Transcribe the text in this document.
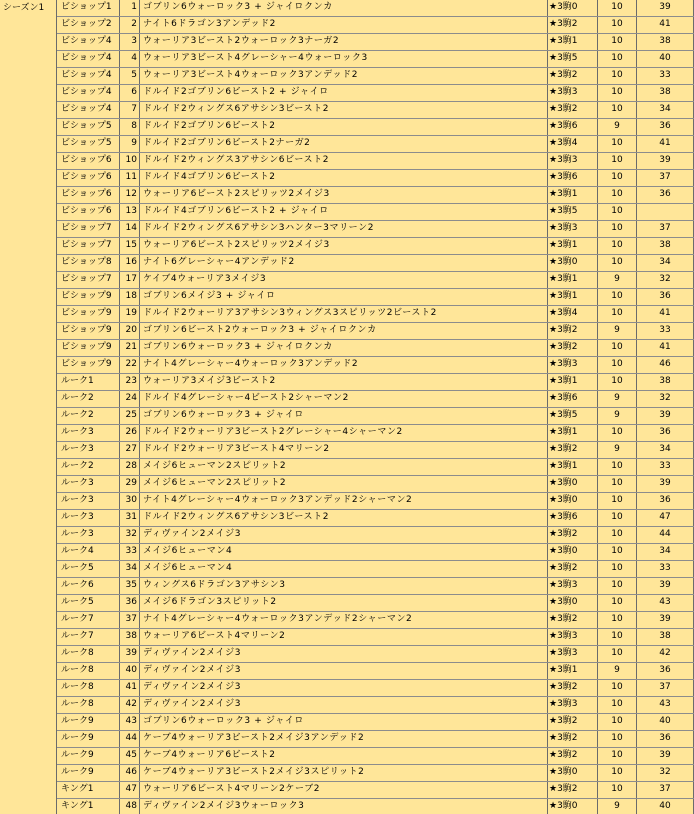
シーズン1	ビショップ1	1 ゴブリン6ウォーロック3 + ジャイロクンカ	★3駒0	10	39
ビショップ2	2 ナイト6ドラゴン3アンデッド2	★3駒2	10	41
ビショップ4	3 ウォーリア3ビースト2ウォーロック3ナーガ2	★3駒1	10	38
ビショップ4	4 ウォーリア3ビースト4グレーシャー4ウォーロック3	★3駒5	10	40
ビショップ4	5 ウォーリア3ビースト4ウォーロック3アンデッド2	★3駒2	10	33
ビショップ4	6 ドルイド2ゴブリン6ビースト2 + ジャイロ	★3駒3	10	38
ビショップ4	7 ドルイド2ウィングス6アサシン3ビースト2	★3駒2	10	34
ビショップ5	8 ドルイド2ゴブリン6ビースト2	★3駒6	9	36
ビショップ5	9 ドルイド2ゴブリン6ビースト2ナーガ2	★3駒4	10	41
ビショップ6	10 ドルイド2ウィングス3アサシン6ビースト2	★3駒3	10	39
ビショップ6	11 ドルイド4ゴブリン6ビースト2	★3駒6	10	37
ビショップ6	12 ウォーリア6ビースト2スピリッツ2メイジ3	★3駒1	10	36
ビショップ6	13 ドルイド4ゴブリン6ビースト2 + ジャイロ	★3駒5	10
ビショップ7	14 ドルイド2ウィングス6アサシン3ハンター3マリーン2	★3駒3	10	37
ビショップ7	15 ウォーリア6ビースト2スピリッツ2メイジ3	★3駒1	10	38
ビショップ8	16 ナイト6グレーシャー4アンデッド2	★3駒0	10	34
ビショップ7	17 ケイブ4ウォーリア3メイジ3	★3駒1	9	32
ビショップ9	18 ゴブリン6メイジ3 + ジャイロ	★3駒1	10	36
ビショップ9	19 ドルイド2ウォーリア3アサシン3ウィングス3スピリッツ2ビースト2	★3駒4	10	41
ビショップ9	20 ゴブリン6ビースト2ウォーロック3 + ジャイロクンカ	★3駒2	9	33
ビショップ9	21 ゴブリン6ウォーロック3 + ジャイロクンカ	★3駒2	10	41
ビショップ9	22 ナイト4グレーシャー4ウォーロック3アンデッド2	★3駒3	10	46
ルーク1	23 ウォーリア3メイジ3ビースト2	★3駒1	10	38
ルーク2	24 ドルイド4グレーシャー4ビースト2シャーマン2	★3駒6	9	32
ルーク2	25 ゴブリン6ウォーロック3 + ジャイロ	★3駒5	9	39
ルーク3	26 ドルイド2ウォーリア3ビースト2グレーシャー4シャーマン2	★3駒1	10	36
ルーク3	27 ドルイド2ウォーリア3ビースト4マリーン2	★3駒2	9	34
ルーク2	28 メイジ6ヒューマン2スピリット2	★3駒1	10	33
ルーク3	29 メイジ6ヒューマン2スピリット2	★3駒0	10	39
ルーク3	30 ナイト4グレーシャー4ウォーロック3アンデッド2シャーマン2	★3駒0	10	36
ルーク3	31 ドルイド2ウィングス6アサシン3ビースト2	★3駒6	10	47
ルーク3	32 ディヴァイン2メイジ3	★3駒2	10	44
ルーク4	33 メイジ6ヒューマン4	★3駒0	10	34
ルーク5	34 メイジ6ヒューマン4	★3駒2	10	33
ルーク6	35 ウィングス6ドラゴン3アサシン3	★3駒3	10	39
ルーク5	36 メイジ6ドラゴン3スピリット2	★3駒0	10	43
ルーク7	37 ナイト4グレーシャー4ウォーロック3アンデッド2シャーマン2	★3駒2	10	39
ルーク7	38 ウォーリア6ビースト4マリーン2	★3駒3	10	38
ルーク8	39 ディヴァイン2メイジ3	★3駒3	10	42
ルーク8	40 ディヴァイン2メイジ3	★3駒1	9	36
ルーク8	41 ディヴァイン2メイジ3	★3駒2	10	37
ルーク8	42 ディヴァイン2メイジ3	★3駒3	10	43
ルーク9	43 ゴブリン6ウォーロック3 + ジャイロ	★3駒2	10	40
ルーク9	44 ケーブ4ウォーリア3ビースト2メイジ3アンデッド2	★3駒2	10	36
ルーク9	45 ケーブ4ウォーリア6ビースト2	★3駒2	10	39
ルーク9	46 ケーブ4ウォーリア3ビースト2メイジ3スピリット2	★3駒0	10	32
キング1	47 ウォーリア6ビースト4マリーン2ケーブ2	★3駒2	10	37
キング1	48 ディヴァイン2メイジ3ウォーロック3	★3駒0	9	40
